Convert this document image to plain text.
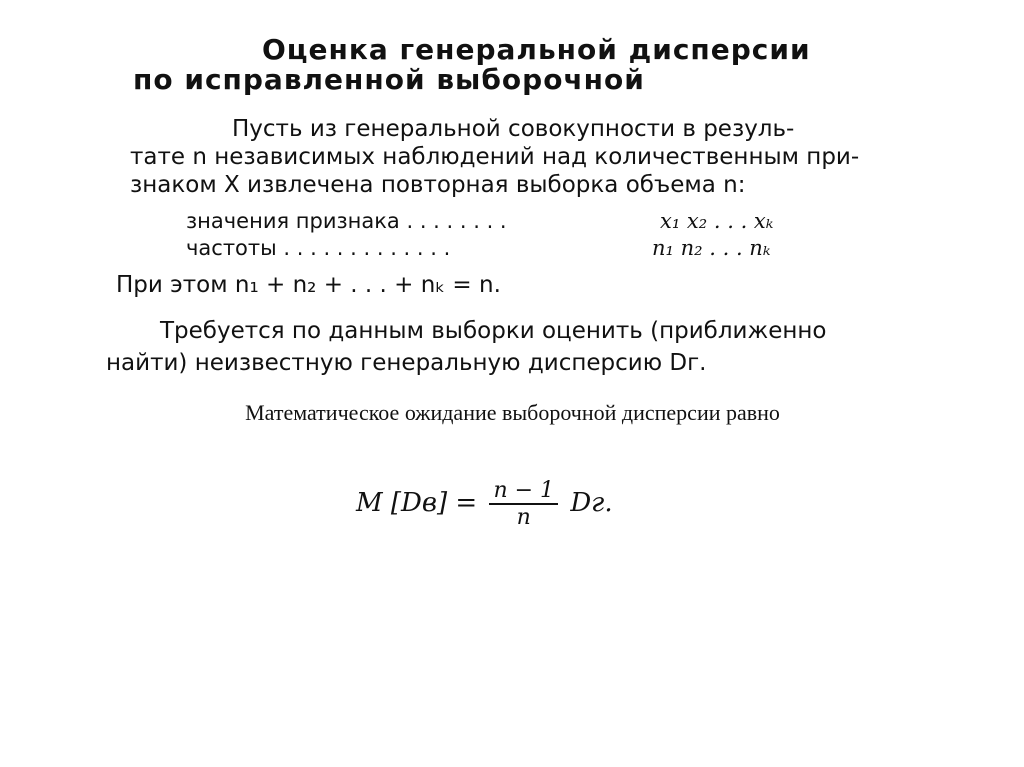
Оценка генеральной дисперсии
по исправленной выборочной
Пусть из генеральной совокупности в резуль-
тате n независимых наблюдений над количественным при-
знаком X извлечена повторная выборка объема n:
значения признака . . . . . . . .	x₁ x₂ . . . xₖ
частоты . . . . . . . . . . . . .	n₁ n₂ . . . nₖ
При этом n₁ + n₂ + . . . + nₖ = n.
Требуется по данным выборки оценить (приближенно
найти) неизвестную генеральную дисперсию Dг.
Математическое ожидание выборочной дисперсии равно
M $[Dв] = \frac{n - 1}{n}$ Dг.
